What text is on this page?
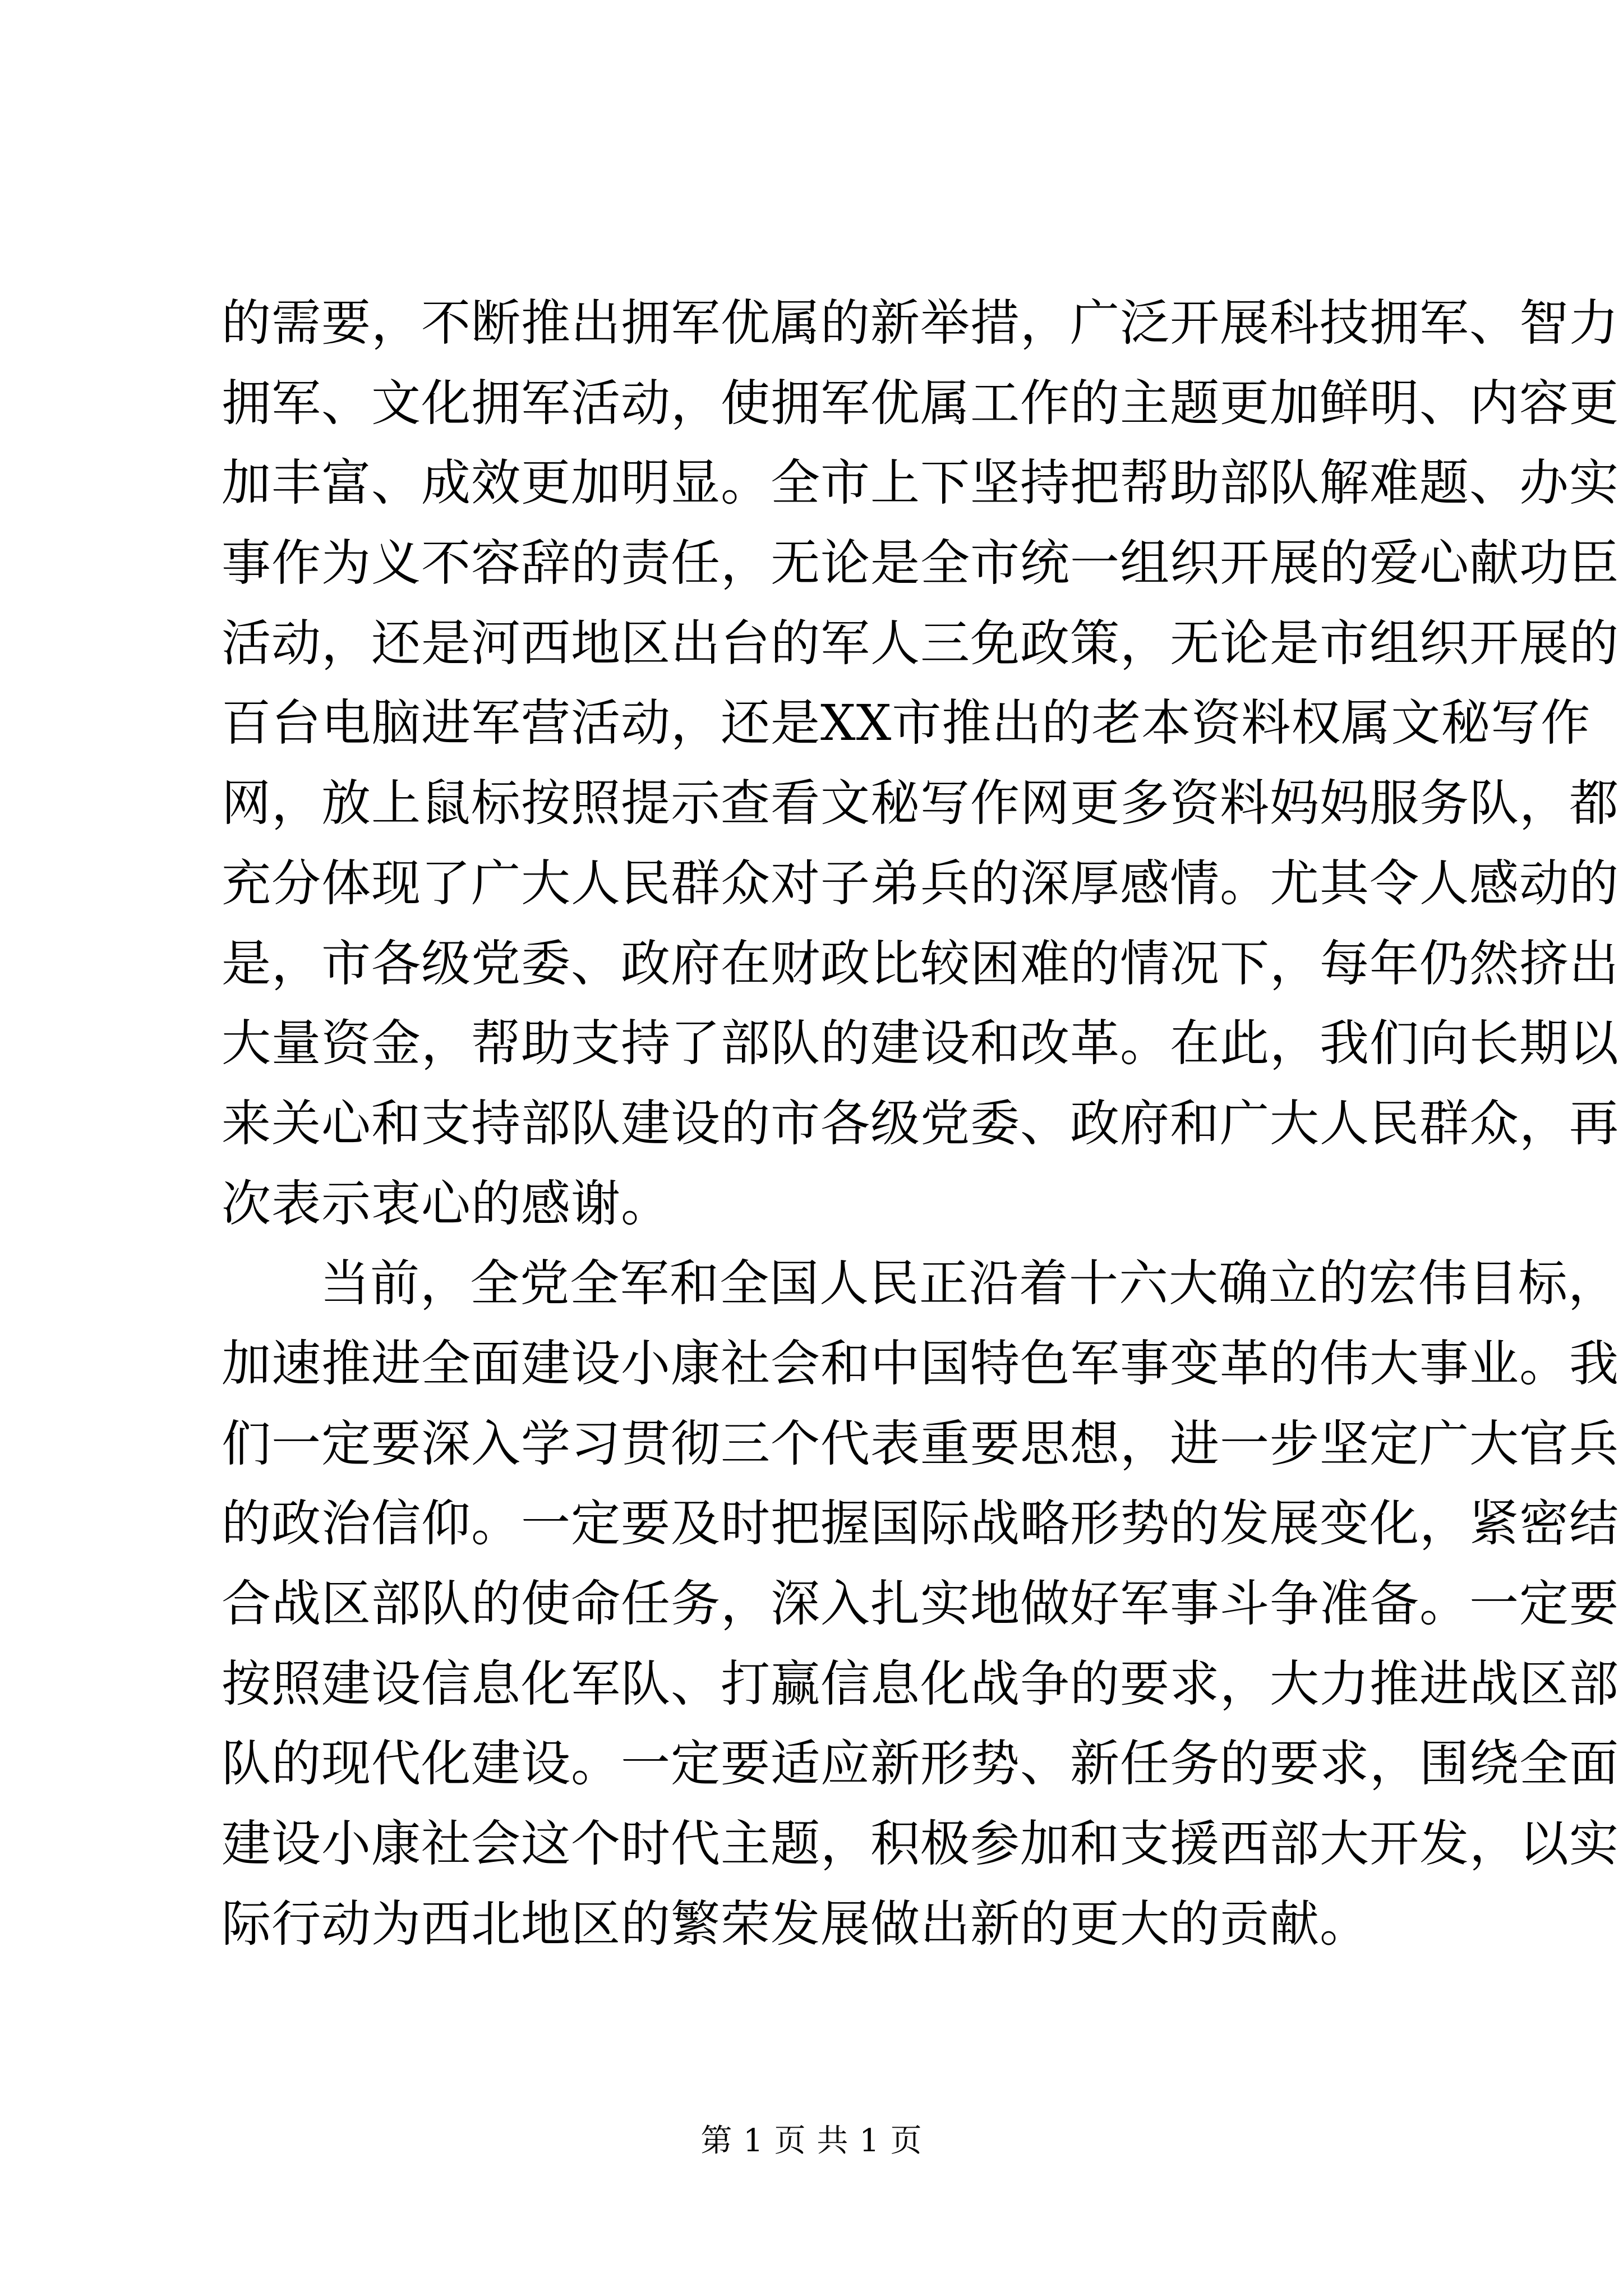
的需要，不断推出拥军优属的新举措，广泛开展科技拥军、智力
拥军、文化拥军活动，使拥军优属工作的主题更加鲜明、内容更
加丰富、成效更加明显。全市上下坚持把帮助部队解难题、办实
事作为义不容辞的责任，无论是全市统一组织开展的爱心献功臣
活动，还是河西地区出台的军人三免政策，无论是市组织开展的
百台电脑进军营活动，还是XX市推出的老本资料权属文秘写作
网，放上鼠标按照提示查看文秘写作网更多资料妈妈服务队，都
充分体现了广大人民群众对子弟兵的深厚感情。尤其令人感动的
是，市各级党委、政府在财政比较困难的情况下，每年仍然挤出
大量资金，帮助支持了部队的建设和改革。在此，我们向长期以
来关心和支持部队建设的市各级党委、政府和广大人民群众，再
次表示衷心的感谢。
当前，全党全军和全国人民正沿着十六大确立的宏伟目标，
加速推进全面建设小康社会和中国特色军事变革的伟大事业。我
们一定要深入学习贯彻三个代表重要思想，进一步坚定广大官兵
的政治信仰。一定要及时把握国际战略形势的发展变化，紧密结
合战区部队的使命任务，深入扎实地做好军事斗争准备。一定要
按照建设信息化军队、打赢信息化战争的要求，大力推进战区部
队的现代化建设。一定要适应新形势、新任务的要求，围绕全面
建设小康社会这个时代主题，积极参加和支援西部大开发，以实
际行动为西北地区的繁荣发展做出新的更大的贡献。
第 1 页 共 1 页
